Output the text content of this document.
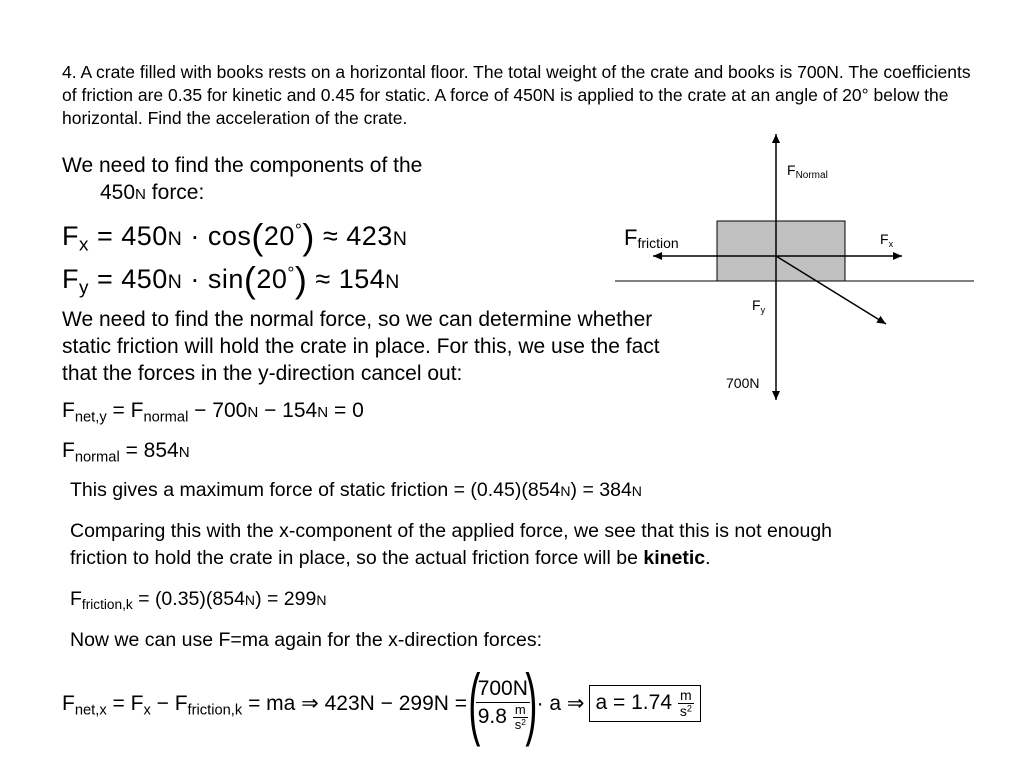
4. A crate filled with books rests on a horizontal floor. The total weight of the crate and books is 700N. The coefficients of friction are 0.35 for kinetic and 0.45 for static. A force of 450N is applied to the crate at an angle of 20° below the horizontal. Find the acceleration of the crate.
We need to find the components of the
450N force:
$F_x = 450N \cdot \cos(20^\circ) \approx 423N$
$F_y = 450N \cdot \sin(20^\circ) \approx 154N$
We need to find the normal force, so we can determine whether
static friction will hold the crate in place. For this, we use the fact
that the forces in the y-direction cancel out:
$F_{net,y} = F_{normal} - 700N - 154N = 0$
$F_{normal} = 854N$
This gives a maximum force of static friction = (0.45)(854N) = 384N
Comparing this with the x-component of the applied force, we see that this is not enough
friction to hold the crate in place, so the actual friction force will be kinetic.
$F_{friction,k} = (0.35)(854N) = 299N$
Now we can use F=ma again for the x-direction forces:
$F_{net,x} = F_x - F_{friction,k}$ = ma ⇒ 423N − 299N = (
$\frac{700N}{9.8 \frac{m}{s^2}}$
) · a ⇒ $a = 1.74 \frac{m}{s^2}$
$F_{Normal}$
Ffriction	$F_x$
$F_y$
700N
